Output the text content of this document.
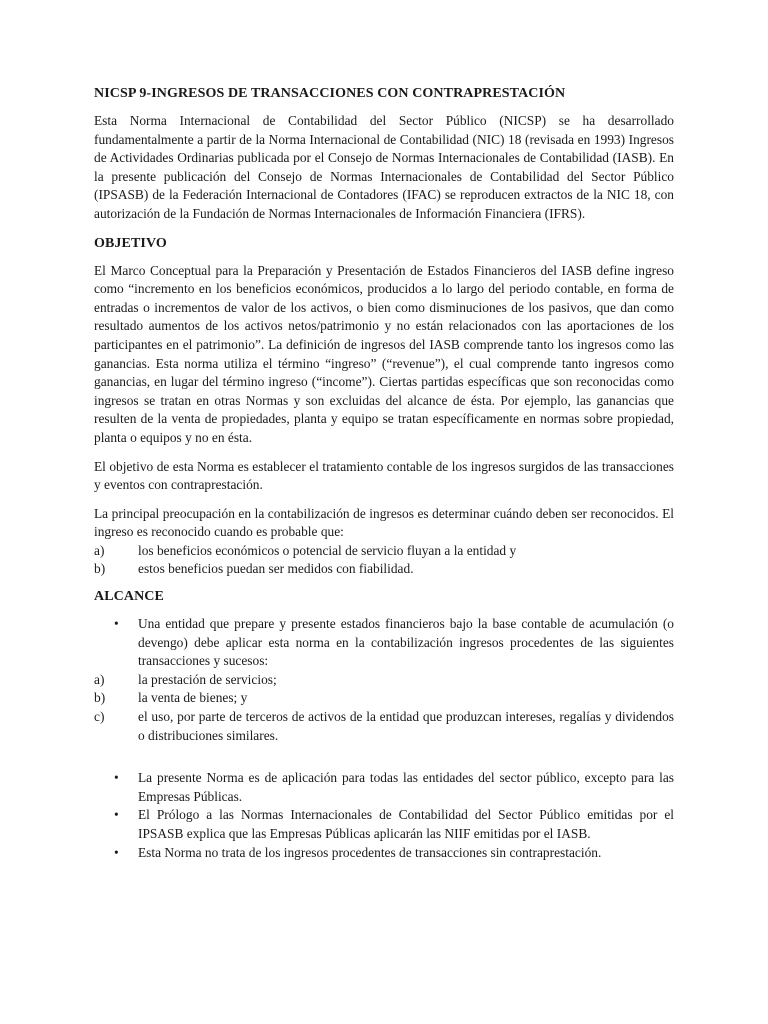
NICSP 9-INGRESOS DE TRANSACCIONES CON CONTRAPRESTACIÓN

Esta Norma Internacional de Contabilidad del Sector Público (NICSP) se ha desarrollado fundamentalmente a partir de la Norma Internacional de Contabilidad (NIC) 18 (revisada en 1993) Ingresos de Actividades Ordinarias publicada por el Consejo de Normas Internacionales de Contabilidad (IASB). En la presente publicación del Consejo de Normas Internacionales de Contabilidad del Sector Público (IPSASB) de la Federación Internacional de Contadores (IFAC) se reproducen extractos de la NIC 18, con autorización de la Fundación de Normas Internacionales de Información Financiera (IFRS).

OBJETIVO

El Marco Conceptual para la Preparación y Presentación de Estados Financieros del IASB define ingreso como “incremento en los beneficios económicos, producidos a lo largo del periodo contable, en forma de entradas o incrementos de valor de los activos, o bien como disminuciones de los pasivos, que dan como resultado aumentos de los activos netos/patrimonio y no están relacionados con las aportaciones de los participantes en el patrimonio”. La definición de ingresos del IASB comprende tanto los ingresos como las ganancias. Esta norma utiliza el término “ingreso” (“revenue”), el cual comprende tanto ingresos como ganancias, en lugar del término ingreso (“income”). Ciertas partidas específicas que son reconocidas como ingresos se tratan en otras Normas y son excluidas del alcance de ésta. Por ejemplo, las ganancias que resulten de la venta de propiedades, planta y equipo se tratan específicamente en normas sobre propiedad, planta o equipos y no en ésta.

El objetivo de esta Norma es establecer el tratamiento contable de los ingresos surgidos de las transacciones y eventos con contraprestación.

La principal preocupación en la contabilización de ingresos es determinar cuándo deben ser reconocidos. El ingreso es reconocido cuando es probable que:

a)	los beneficios económicos o potencial de servicio fluyan a la entidad y
b)	estos beneficios puedan ser medidos con fiabilidad.
ALCANCE
• Una entidad que prepare y presente estados financieros bajo la base contable de acumulación (o devengo) debe aplicar esta norma en la contabilización ingresos procedentes de las siguientes transacciones y sucesos:
a)	la prestación de servicios;
b)	la venta de bienes; y
c)	el uso, por parte de terceros de activos de la entidad que produzcan intereses, regalías y dividendos o distribuciones similares.
• La presente Norma es de aplicación para todas las entidades del sector público, excepto para las Empresas Públicas.
• El Prólogo a las Normas Internacionales de Contabilidad del Sector Público emitidas por el IPSASB explica que las Empresas Públicas aplicarán las NIIF emitidas por el IASB.
• Esta Norma no trata de los ingresos procedentes de transacciones sin contraprestación.
